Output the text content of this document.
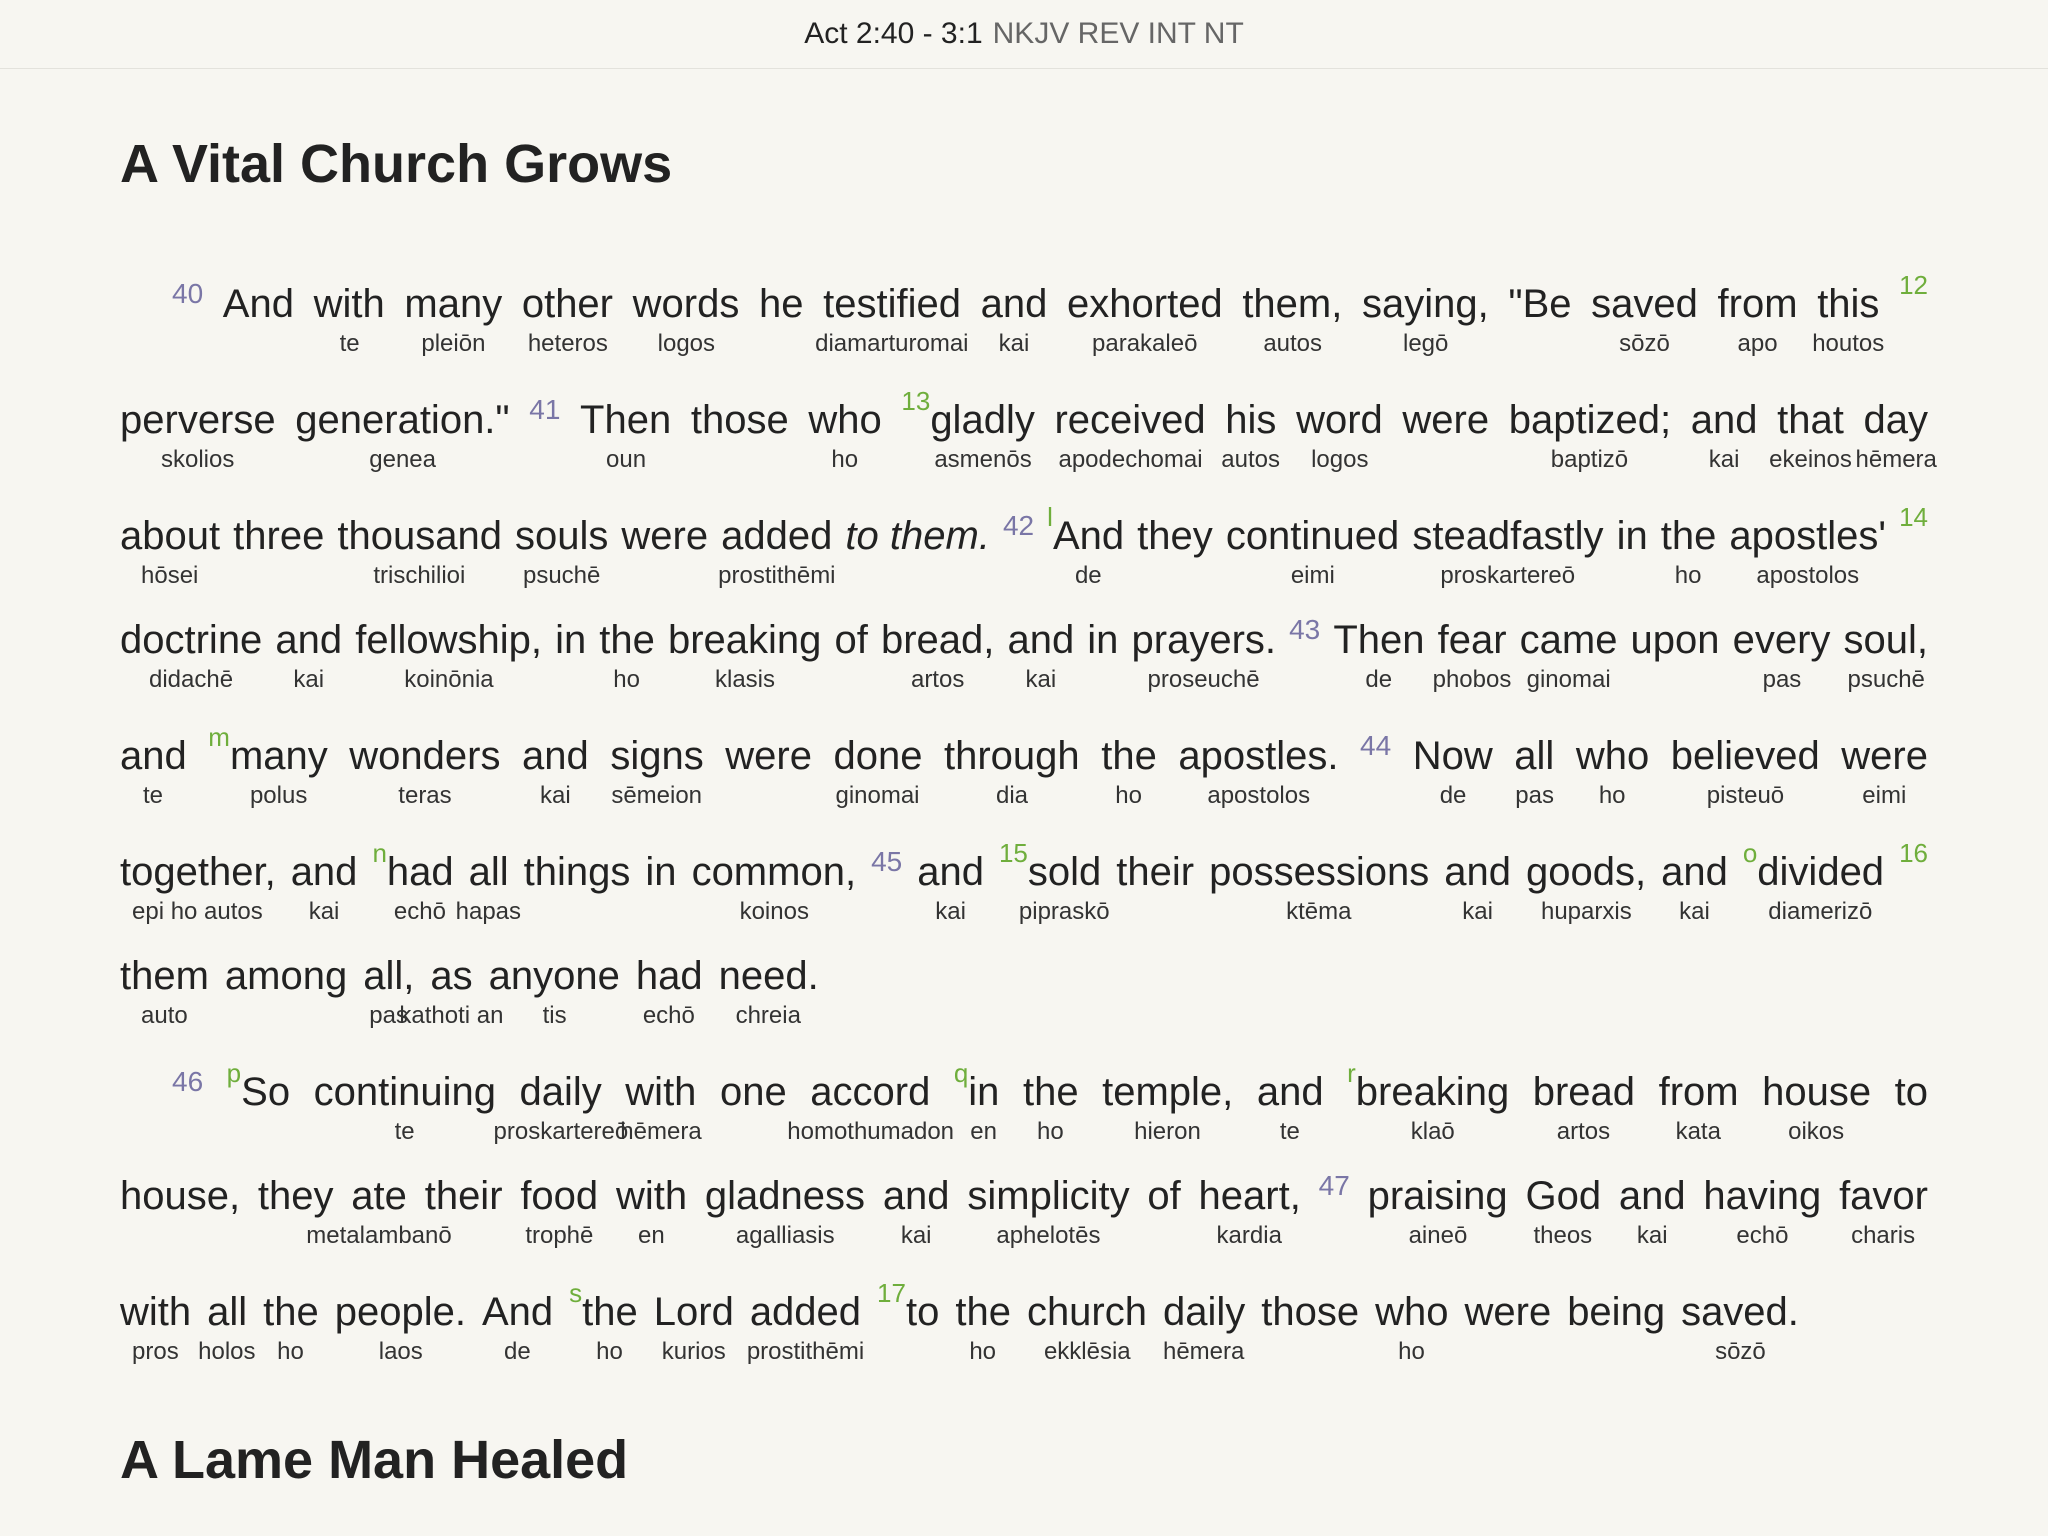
Act 2:40 - 3:1 NKJV REV INT NT
A Vital Church Grows
40 And with
te
many
pleiōn
other
heteros
words
logos
he testified
diamarturomai
and
kai
exhorted
parakaleō
them,
autos
saying,
legō
"Be saved
sōzō
from
apo
this
houtos
12
perverse
skolios
generation."
genea
41 Then
oun
those who
ho
13 gladly
asmenōs
received
apodechomai
his
autos
word
logos
were baptized;
baptizō
and
kai
that
ekeinos
day
hēmera
about
hōsei
three thousand
trischilioi
souls
psuchē
were added
prostithēmi
to them. 42 l And
de
they continued
eimi
steadfastly
proskartereō
in the
ho
apostles'
apostolos
14
doctrine
didachē
and
kai
fellowship,
koinōnia
in the
ho
breaking
klasis
of bread,
artos
and
kai
in prayers.
proseuchē
43 Then
de
fear
phobos
came
ginomai
upon every
pas
soul,
psuchē
and
te
m many
polus
wonders
teras
and
kai
signs
sēmeion
were done
ginomai
through
dia
the
ho
apostles.
apostolos
44 Now
de
all
pas
who
ho
believed
pisteuō
were
eimi
together,
epi ho autos
and
kai
n had
echō
all
hapas
things in common,
koinos
45 and
kai
15 sold
pipraskō
their possessions
ktēma
and
kai
goods,
huparxis
and
kai
o divided
diamerizō
16
them
auto
among all,
pas
as
kathoti an
anyone
tis
had
echō
need.
chreia
46 p So continuing
te
daily
proskartereō
with
hēmera
one accord
homothumadon
q in
en
the
ho
temple,
hieron
and
te
r breaking
klaō
bread
artos
from
kata
house
oikos
to
house, they ate
metalambanō
their food
trophē
with
en
gladness
agalliasis
and
kai
simplicity
aphelotēs
of heart,
kardia
47 praising
aineō
God
theos
and
kai
having
echō
favor
charis
with
pros
all
holos
the
ho
people.
laos
And
de
s the
ho
Lord
kurios
added
prostithēmi
17 to the
ho
church
ekklēsia
daily
hēmera
those who
ho
were being saved.
sōzō
A Lame Man Healed
